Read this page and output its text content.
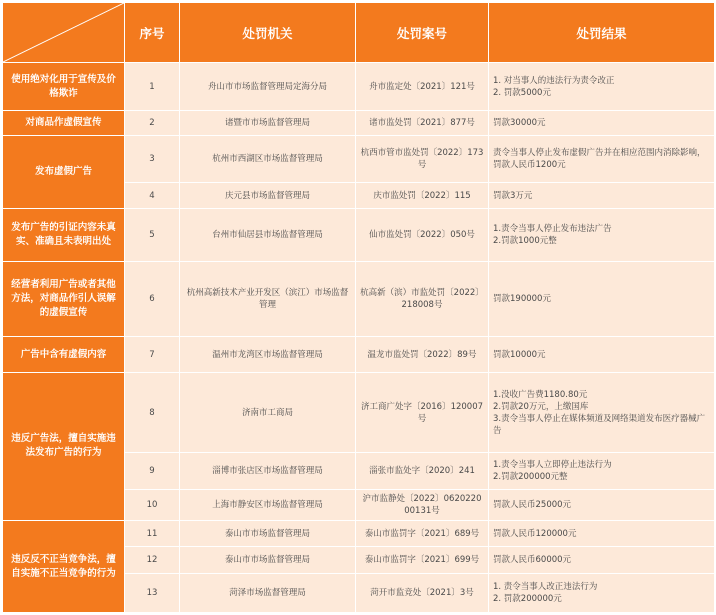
	序号	处罚机关	处罚案号	处罚结果
使用绝对化用于宣传及价格欺诈	1	舟山市市场监督管理局定海分局	舟市监定处〔2021〕121号	1. 对当事人的违法行为责令改正
2. 罚款5000元

对商品作虚假宣传	2	诸暨市市场监督管理局	诸市监处罚〔2021〕877号	罚款30000元

发布虚假广告	3	杭州市西湖区市场监督管理局	杭西市管市监处罚〔2022〕173号	责令当事人停止发布虚假广告并在相应范围内消除影响，罚款人民币1200元

	4	庆元县市场监督管理局	庆市监处罚〔2022〕115	罚款3万元

发布广告的引证内容未真实、准确且未表明出处	5	台州市仙居县市场监督管理局	仙市监处罚〔2022〕050号	1.责令当事人停止发布违法广告
2.罚款1000元整

经营者利用广告或者其他方法，对商品作引人误解的虚假宣传	6	杭州高新技术产业开发区（滨江）市场监督管理	杭高新（滨）市监处罚〔2022〕218008号	罚款190000元

广告中含有虚假内容	7	温州市龙湾区市场监督管理局	温龙市监处罚〔2022〕89号	罚款10000元

违反广告法，擅自实施违法发布广告的行为	8	济南市工商局	济工商广处字〔2016〕120007号	1.没收广告费1180.80元
2.罚款20万元，上缴国库
3.责令当事人停止在媒体频道及网络渠道发布医疗器械广告

	9	淄博市张店区市场监督管理局	淄张市监处字〔2020〕241	1.责令当事人立即停止违法行为
2.罚款200000元整

	10	上海市静安区市场监督管理局	沪市监静处〔2022〕062022000131号	罚款人民币25000元

违反反不正当竞争法，擅自实施不正当竞争的行为	11	泰山市市场监督管理局	泰山市监罚字〔2021〕689号	罚款人民币120000元

	12	泰山市市场监督管理局	泰山市监罚字〔2021〕699号	罚款人民币60000元

	13	菏泽市场监督管理局	菏开市监竞处〔2021〕3号	1. 责令当事人改正违法行为
2. 罚款200000元
